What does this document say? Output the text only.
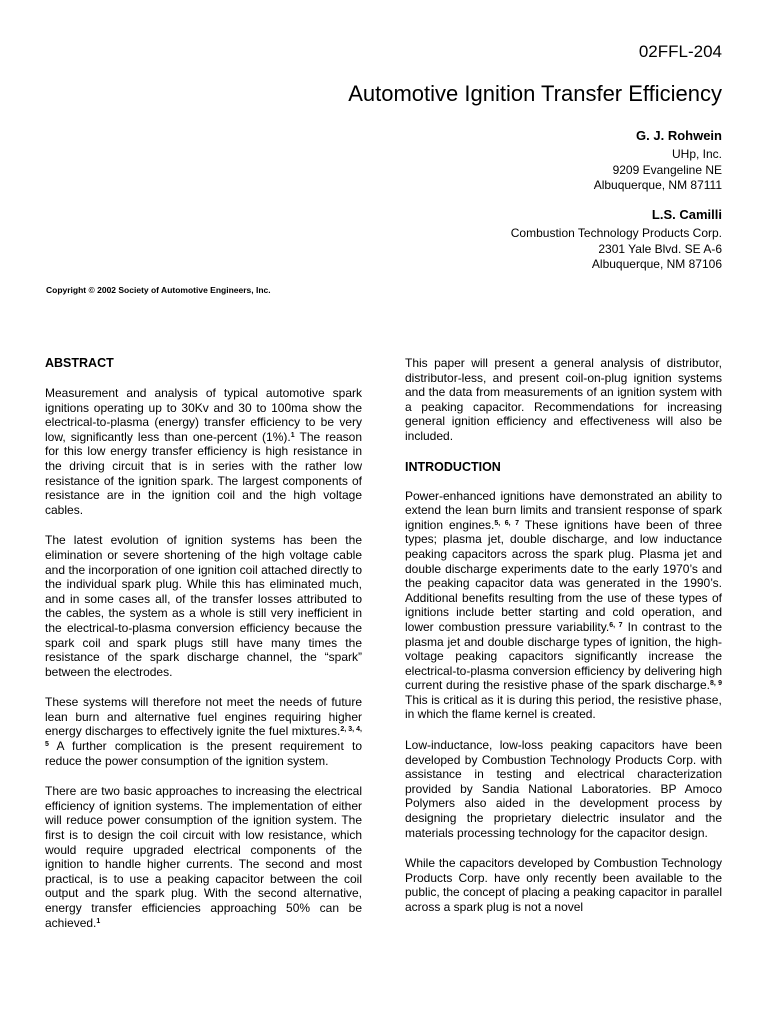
02FFL-204
Automotive Ignition Transfer Efficiency
G. J. Rohwein
UHp, Inc.
9209 Evangeline NE
Albuquerque, NM 87111
L.S. Camilli
Combustion Technology Products Corp.
2301 Yale Blvd. SE A-6
Albuquerque, NM 87106
Copyright © 2002 Society of Automotive Engineers, Inc.
ABSTRACT

Measurement and analysis of typical automotive spark ignitions operating up to 30Kv and 30 to 100ma show the electrical-to-plasma (energy) transfer efficiency to be very low, significantly less than one-percent (1%).$^1$ The reason for this low energy transfer efficiency is high resistance in the driving circuit that is in series with the rather low resistance of the ignition spark. The largest components of resistance are in the ignition coil and the high voltage cables.

The latest evolution of ignition systems has been the elimination or severe shortening of the high voltage cable and the incorporation of one ignition coil attached directly to the individual spark plug. While this has eliminated much, and in some cases all, of the transfer losses attributed to the cables, the system as a whole is still very inefficient in the electrical-to-plasma conversion efficiency because the spark coil and spark plugs still have many times the resistance of the spark discharge channel, the “spark” between the electrodes.

These systems will therefore not meet the needs of future lean burn and alternative fuel engines requiring higher energy discharges to effectively ignite the fuel mixtures.$^{2, 3, 4, 5}$ A further complication is the present requirement to reduce the power consumption of the ignition system.

There are two basic approaches to increasing the electrical efficiency of ignition systems. The implementation of either will reduce power consumption of the ignition system. The first is to design the coil circuit with low resistance, which would require upgraded electrical components of the ignition to handle higher currents. The second and most practical, is to use a peaking capacitor between the coil output and the spark plug. With the second alternative, energy transfer efficiencies approaching 50% can be achieved.$^1$

This paper will present a general analysis of distributor, distributor-less, and present coil-on-plug ignition systems and the data from measurements of an ignition system with a peaking capacitor. Recommendations for increasing general ignition efficiency and effectiveness will also be included.

INTRODUCTION

Power-enhanced ignitions have demonstrated an ability to extend the lean burn limits and transient response of spark ignition engines.$^{5, 6, 7}$ These ignitions have been of three types; plasma jet, double discharge, and low inductance peaking capacitors across the spark plug. Plasma jet and double discharge experiments date to the early 1970’s and the peaking capacitor data was generated in the 1990’s. Additional benefits resulting from the use of these types of ignitions include better starting and cold operation, and lower combustion pressure variability.$^{6, 7}$ In contrast to the plasma jet and double discharge types of ignition, the high-voltage peaking capacitors significantly increase the electrical-to-plasma conversion efficiency by delivering high current during the resistive phase of the spark discharge.$^{8, 9}$ This is critical as it is during this period, the resistive phase, in which the flame kernel is created.

Low-inductance, low-loss peaking capacitors have been developed by Combustion Technology Products Corp. with assistance in testing and electrical characterization provided by Sandia National Laboratories. BP Amoco Polymers also aided in the development process by designing the proprietary dielectric insulator and the materials processing technology for the capacitor design.

While the capacitors developed by Combustion Technology Products Corp. have only recently been available to the public, the concept of placing a peaking capacitor in parallel across a spark plug is not a novel
